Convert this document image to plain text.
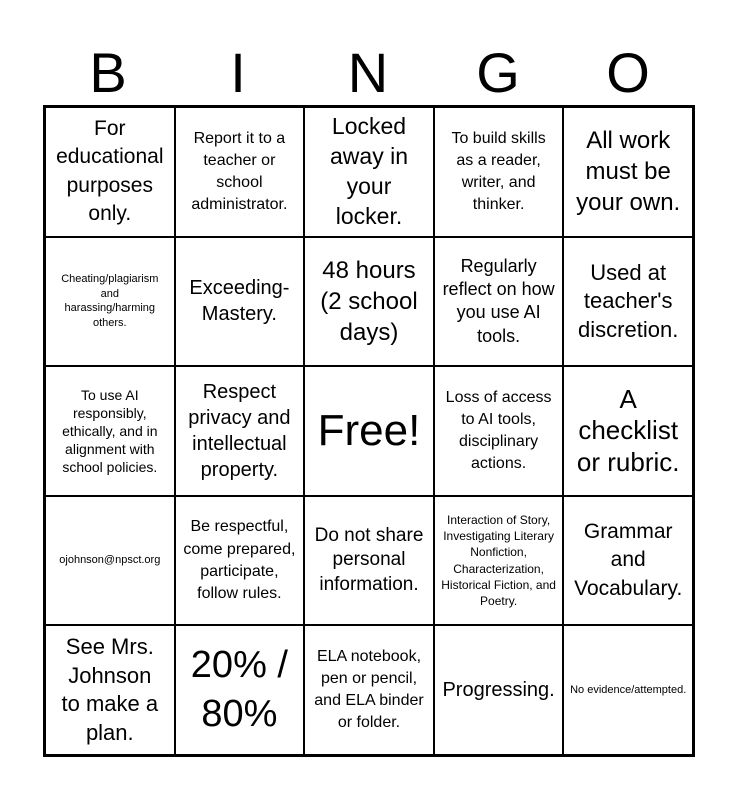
B	I	N	G	O
For educational purposes only.
Report it to a teacher or school administrator.
Locked away in your locker.
To build skills as a reader, writer, and thinker.
All work must be your own.
Cheating/plagiarism and harassing/harming others.
Exceeding-Mastery.
48 hours (2 school days)
Regularly reflect on how you use AI tools.
Used at teacher's discretion.
To use AI responsibly, ethically, and in alignment with school policies.
Respect privacy and intellectual property.
Free!
Loss of access to AI tools, disciplinary actions.
A checklist or rubric.
ojohnson@npsct.org
Be respectful, come prepared, participate, follow rules.
Do not share personal information.
Interaction of Story, Investigating Literary Nonfiction, Characterization, Historical Fiction, and Poetry.
Grammar and Vocabulary.
See Mrs. Johnson to make a plan.
20% / 80%
ELA notebook, pen or pencil, and ELA binder or folder.
Progressing.	No evidence/attempted.
